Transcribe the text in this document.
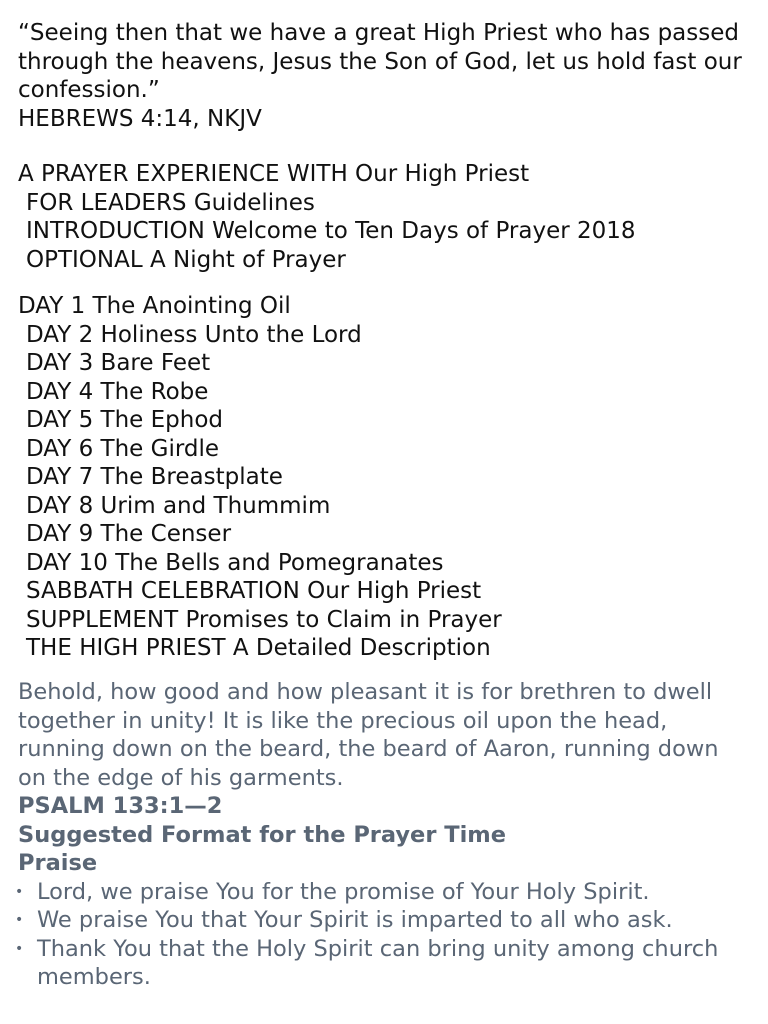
“Seeing then that we have a great High Priest who has passed
through the heavens, Jesus the Son of God, let us hold fast our
confession.”
HEBREWS 4:14, NKJV
A PRAYER EXPERIENCE WITH Our High Priest
FOR LEADERS Guidelines
INTRODUCTION Welcome to Ten Days of Prayer 2018
OPTIONAL A Night of Prayer
DAY 1 The Anointing Oil
DAY 2 Holiness Unto the Lord
DAY 3 Bare Feet
DAY 4 The Robe
DAY 5 The Ephod
DAY 6 The Girdle
DAY 7 The Breastplate
DAY 8 Urim and Thummim
DAY 9 The Censer
DAY 10 The Bells and Pomegranates
SABBATH CELEBRATION Our High Priest
SUPPLEMENT Promises to Claim in Prayer
THE HIGH PRIEST A Detailed Description
Behold, how good and how pleasant it is for brethren to dwell
together in unity! It is like the precious oil upon the head,
running down on the beard, the beard of Aaron, running down
on the edge of his garments.
PSALM 133:1—2
Suggested Format for the Prayer Time
Praise
• Lord, we praise You for the promise of Your Holy Spirit.
• We praise You that Your Spirit is imparted to all who ask.
• Thank You that the Holy Spirit can bring unity among church members.
